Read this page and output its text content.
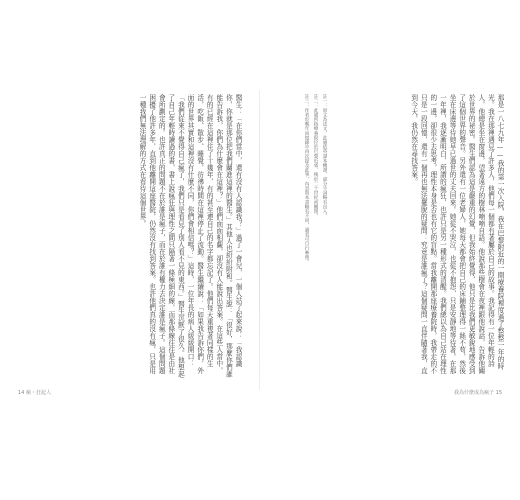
醫生：「在你們當中，還有沒有人認識我？」過了一會兒，一個人站了起來說：「我認識你，你就是那位把我們關進這裡的醫生。」其他人也紛紛附和。醫生說：「很好，那麼你們誰能告訴我，你們為什麼會在這裡？」他們面面相覷，卻沒有人能說出答案。在這些人當中，有的已經在這裡住了十幾年，有的甚至連自己的名字都忘記了。他們每天重複著同樣的生活，吃飯、散步、睡覺，彷彿時間在這裡停止了流動。醫生繼續說：「如果我告訴你們，外面的世界其實和這裡沒有什麼不同，你們會相信嗎？」這時，一位年長的病人緩緩開口：「我們從來不覺得自己瘋了，我們只是看見了別人看不見的東西。」醫生沉默了很久。他想起了自己年輕時讀過的書，書上說瘋狂與理性之間只隔著一條極細的線，而那條線往往是由社會所劃定的。也許真正的問題不在於誰是瘋子，而在於誰有權力去決定誰是瘋子。這個問題困擾了他許多年，直到他離開這座醫院，仍然沒有找到答案。也許他們真的沒有瘋，只是用一種我們無法理解的方式在看待這個世界。

14 瘋・狂起人

那是一八七九年——我的第一次入院，我在巴黎附近的一間療養院裡度過了整整一年的時光。我在那裡遇見了許多人，他們每一個都有著屬於自己的故事。我記得有一位年輕的詩人，他總是坐在窗邊，望著遠方的樹林喃喃自語。他說那些樹會在夜裡跟他說話，告訴他關於世界的祕密。醫生們認為這是嚴重的幻覺，但我始終覺得，他只是比我們更敏銳地感受到了這個世界的聲音。另外還有一位老婦人，她每天都會把自己的床鋪整理得一絲不苟，然後坐在床邊等待她早已過世的丈夫回來。她從不哭泣，也從不抱怨，只是安靜地等待著。在那一年裡，我逐漸明白，所謂的瘋狂，也許只是另一種形式的清醒。我們總以為自己站在理性的一邊，卻很少去思考，理性本身是否也有它的盲點。當我離開那座療養院時，我帶走的不只是一段回憶，還有一個再也無法擺脫的疑問：究竟是誰瘋了？這個疑問一直伴隨著我，直到今天，我仍然在尋找答案。

註一：原文為法文，此處依英譯本轉譯，部分字詞略有出入。

註二：此處所指療養院位於巴黎近郊，後於二十世紀初關閉。

註三：作者於晚年回憶錄中再次提及此事，內容與本書略有不同，讀者可自行參照。

我為什麼成為瘋子 15
